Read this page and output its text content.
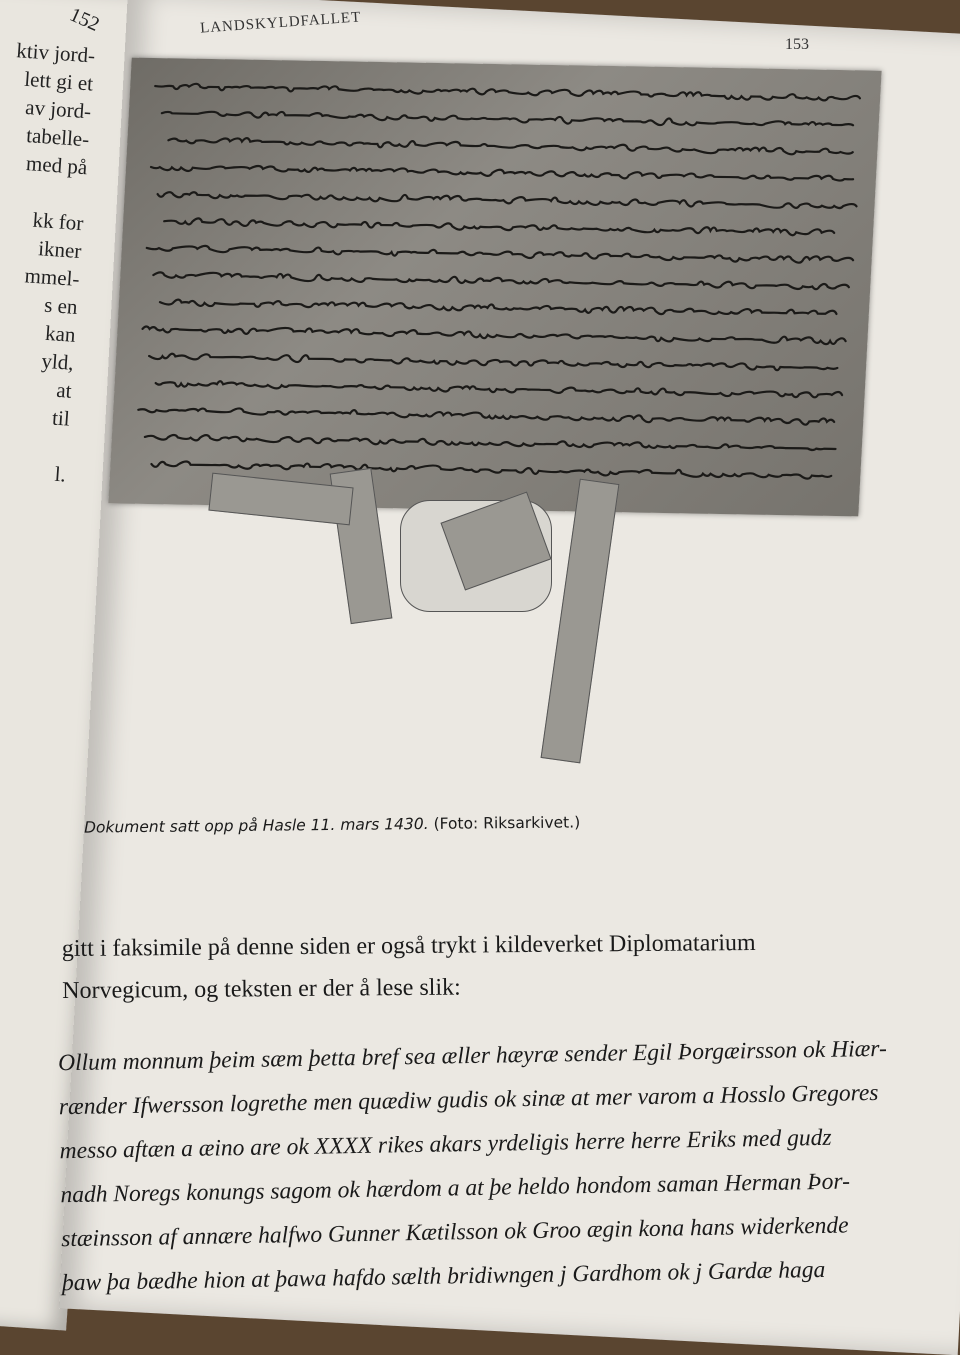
152
ktiv jord-
lett gi et
av jord-
tabelle-
med på

kk for
ikner
mmel-
s en
kan
yld,
at
til

l.
LANDSKYLDFALLET
153
Dokument satt opp på Hasle 11. mars 1430. (Foto: Riksarkivet.)
gitt i faksimile på denne siden er også trykt i kildeverket Diplomatarium
Norvegicum, og teksten er der å lese slik:
Ollum monnum þeim sæm þetta bref sea æller hæyræ sender Egil Þorgæirsson ok Hiær-
rænder Ifwersson logrethe men quædiw gudis ok sinæ at mer varom a Hosslo Gregores
messo aftæn a æino are ok XXXX rikes akars yrdeligis herre herre Eriks med gudz
nadh Noregs konungs sagom ok hærdom a at þe heldo hondom saman Herman Þor-
stæinsson af annære halfwo Gunner Kætilsson ok Groo ægin kona hans widerkende
þaw þa bædhe hion at þawa hafdo sælth bridiwngen j Gardhom ok j Gardæ haga
